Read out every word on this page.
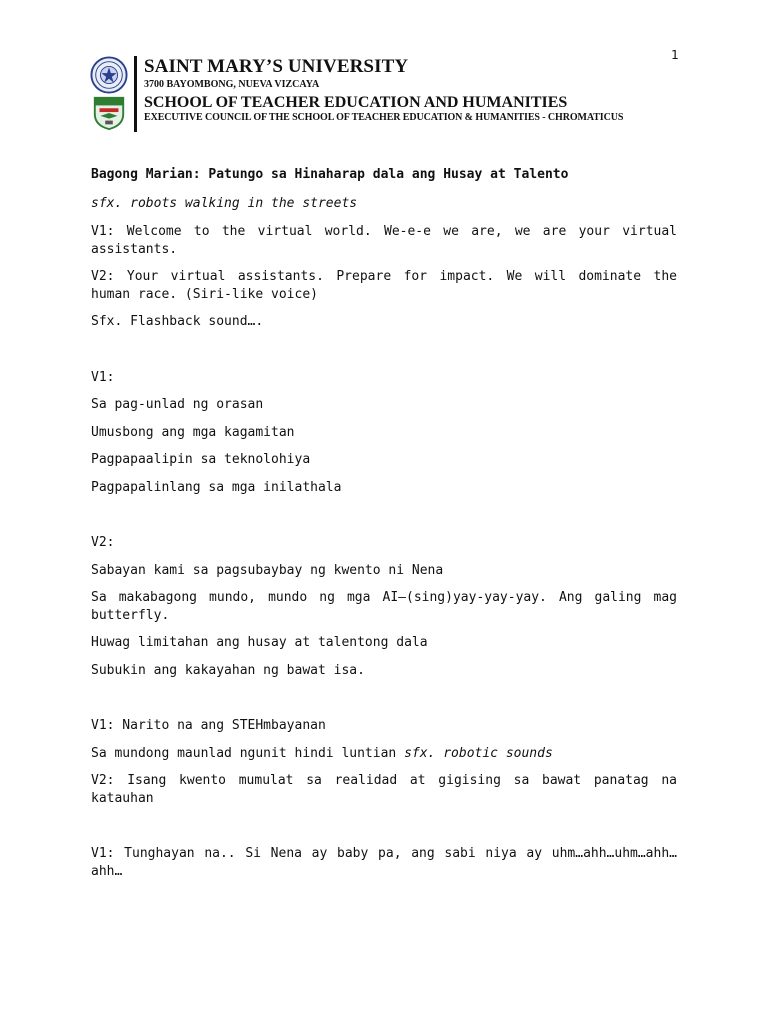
1
SAINT MARY’S UNIVERSITY
3700 BAYOMBONG, NUEVA VIZCAYA
SCHOOL OF TEACHER EDUCATION AND HUMANITIES
EXECUTIVE COUNCIL OF THE SCHOOL OF TEACHER EDUCATION & HUMANITIES - CHROMATICUS

Bagong Marian: Patungo sa Hinaharap dala ang Husay at Talento

sfx. robots walking in the streets

V1: Welcome to the virtual world. We-e-e we are, we are your virtual assistants.

V2: Your virtual assistants. Prepare for impact. We will dominate the human race. (Siri-like voice)

Sfx. Flashback sound….

V1:

Sa pag-unlad ng orasan

Umusbong ang mga kagamitan

Pagpapaalipin sa teknolohiya

Pagpapalinlang sa mga inilathala

V2:

Sabayan kami sa pagsubaybay ng kwento ni Nena

Sa makabagong mundo, mundo ng mga AI—(sing)yay-yay-yay. Ang galing mag butterfly.

Huwag limitahan ang husay at talentong dala

Subukin ang kakayahan ng bawat isa.

V1: Narito na ang STEHmbayanan

Sa mundong maunlad ngunit hindi luntian sfx. robotic sounds

V2: Isang kwento mumulat sa realidad at gigising sa bawat panatag na katauhan

V1: Tunghayan na.. Si Nena ay baby pa, ang sabi niya ay uhm…ahh…uhm…ahh…ahh…
